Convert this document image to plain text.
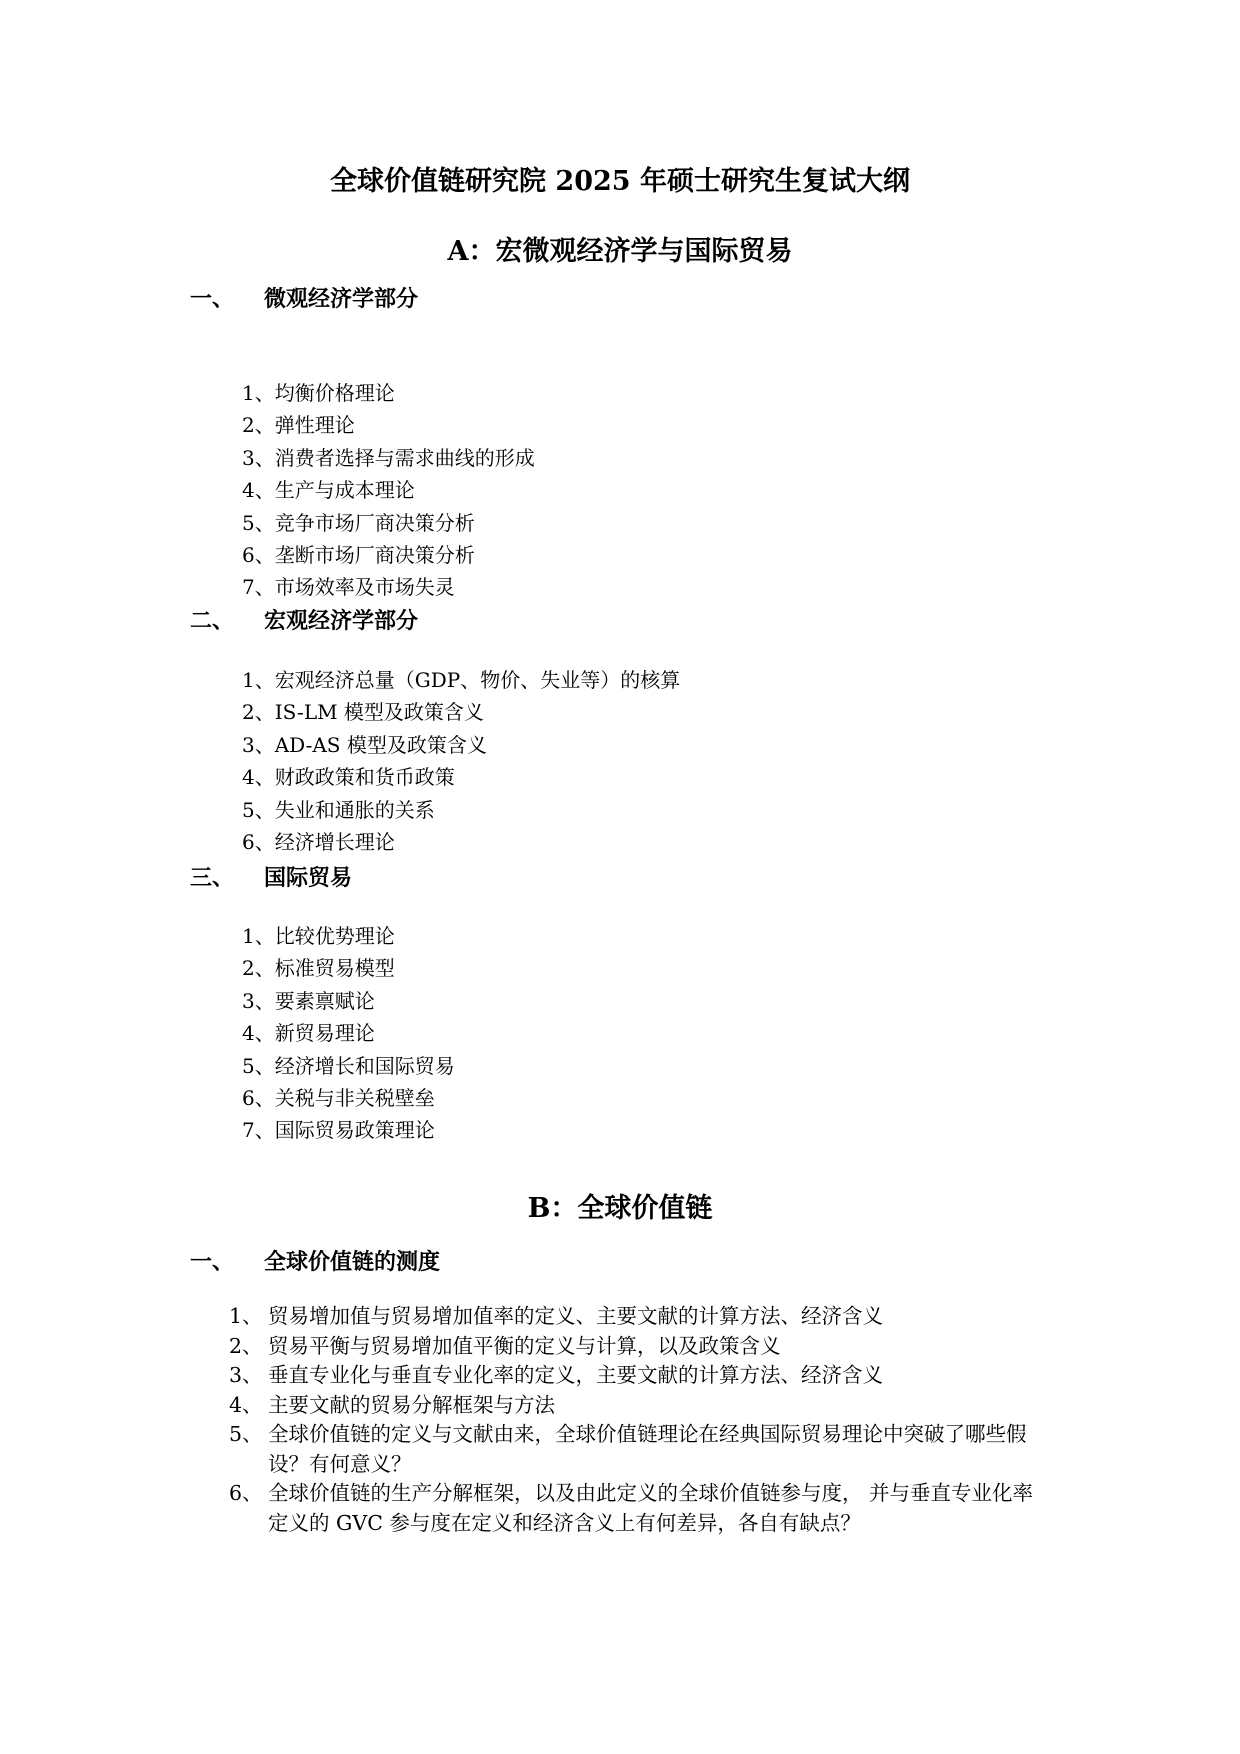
全球价值链研究院 2025 年硕士研究生复试大纲
A：宏微观经济学与国际贸易
一、 微观经济学部分
1、均衡价格理论
2、弹性理论
3、消费者选择与需求曲线的形成
4、生产与成本理论
5、竞争市场厂商决策分析
6、垄断市场厂商决策分析
7、市场效率及市场失灵
二、 宏观经济学部分
1、宏观经济总量（GDP、物价、失业等）的核算
2、IS-LM 模型及政策含义
3、AD-AS 模型及政策含义
4、财政政策和货币政策
5、失业和通胀的关系
6、经济增长理论
三、 国际贸易
1、比较优势理论
2、标准贸易模型
3、要素禀赋论
4、新贸易理论
5、经济增长和国际贸易
6、关税与非关税壁垒
7、国际贸易政策理论
B：全球价值链
一、 全球价值链的测度
1、 贸易增加值与贸易增加值率的定义、主要文献的计算方法、经济含义
2、 贸易平衡与贸易增加值平衡的定义与计算，以及政策含义
3、 垂直专业化与垂直专业化率的定义，主要文献的计算方法、经济含义
4、 主要文献的贸易分解框架与方法
5、 全球价值链的定义与文献由来，全球价值链理论在经典国际贸易理论中突破了哪些假设？有何意义？
6、 全球价值链的生产分解框架，以及由此定义的全球价值链参与度， 并与垂直专业化率定义的 GVC 参与度在定义和经济含义上有何差异，各自有缺点？
